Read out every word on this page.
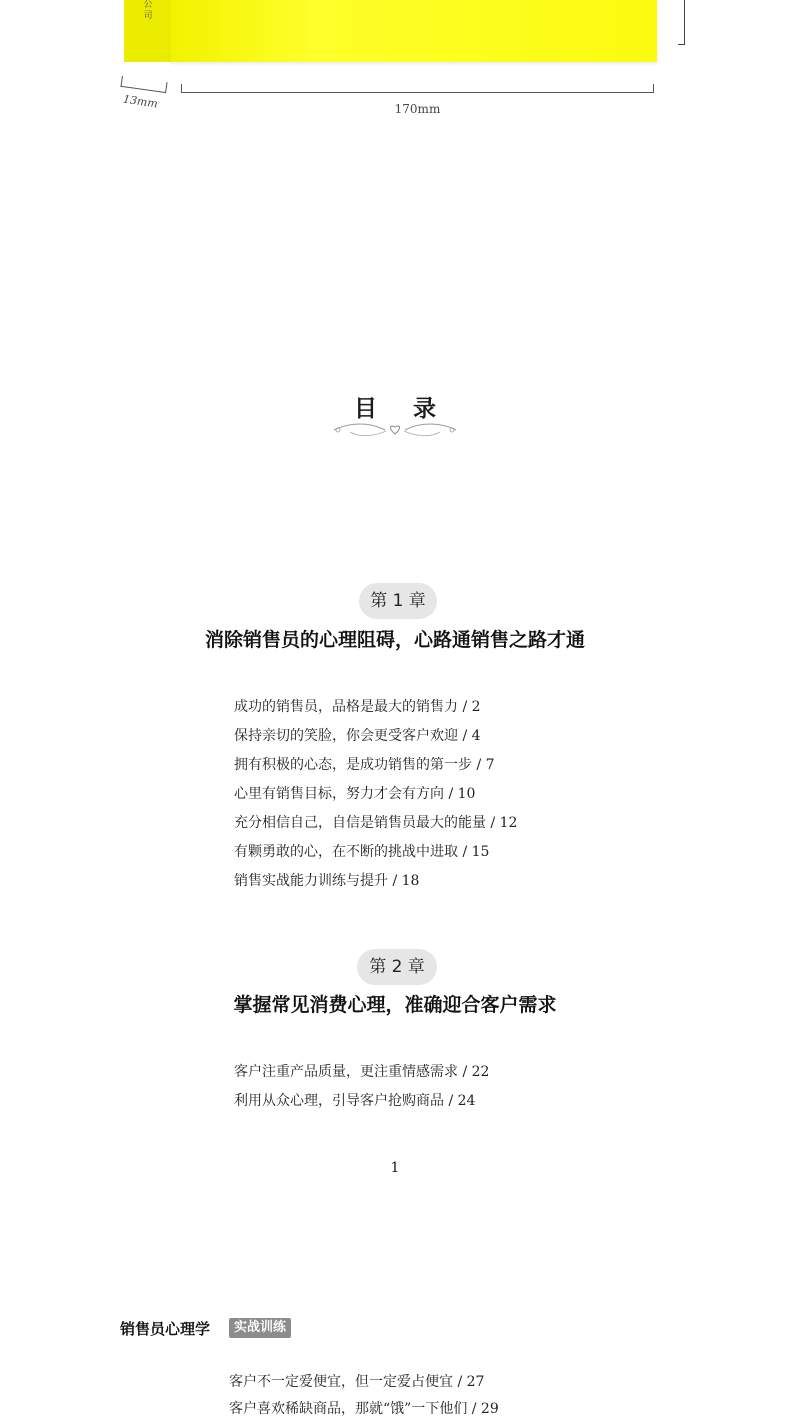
公司
13mm	170mm
目 录
第 1 章
消除销售员的心理阻碍，心路通销售之路才通
成功的销售员，品格是最大的销售力 / 2
保持亲切的笑脸，你会更受客户欢迎 / 4
拥有积极的心态，是成功销售的第一步 / 7
心里有销售目标，努力才会有方向 / 10
充分相信自己，自信是销售员最大的能量 / 12
有颗勇敢的心，在不断的挑战中进取 / 15
销售实战能力训练与提升 / 18
第 2 章
掌握常见消费心理，准确迎合客户需求
客户注重产品质量，更注重情感需求 / 22
利用从众心理，引导客户抢购商品 / 24
1
销售员心理学	实战训练
客户不一定爱便宜，但一定爱占便宜 / 27
客户喜欢稀缺商品，那就“饿”一下他们 / 29
